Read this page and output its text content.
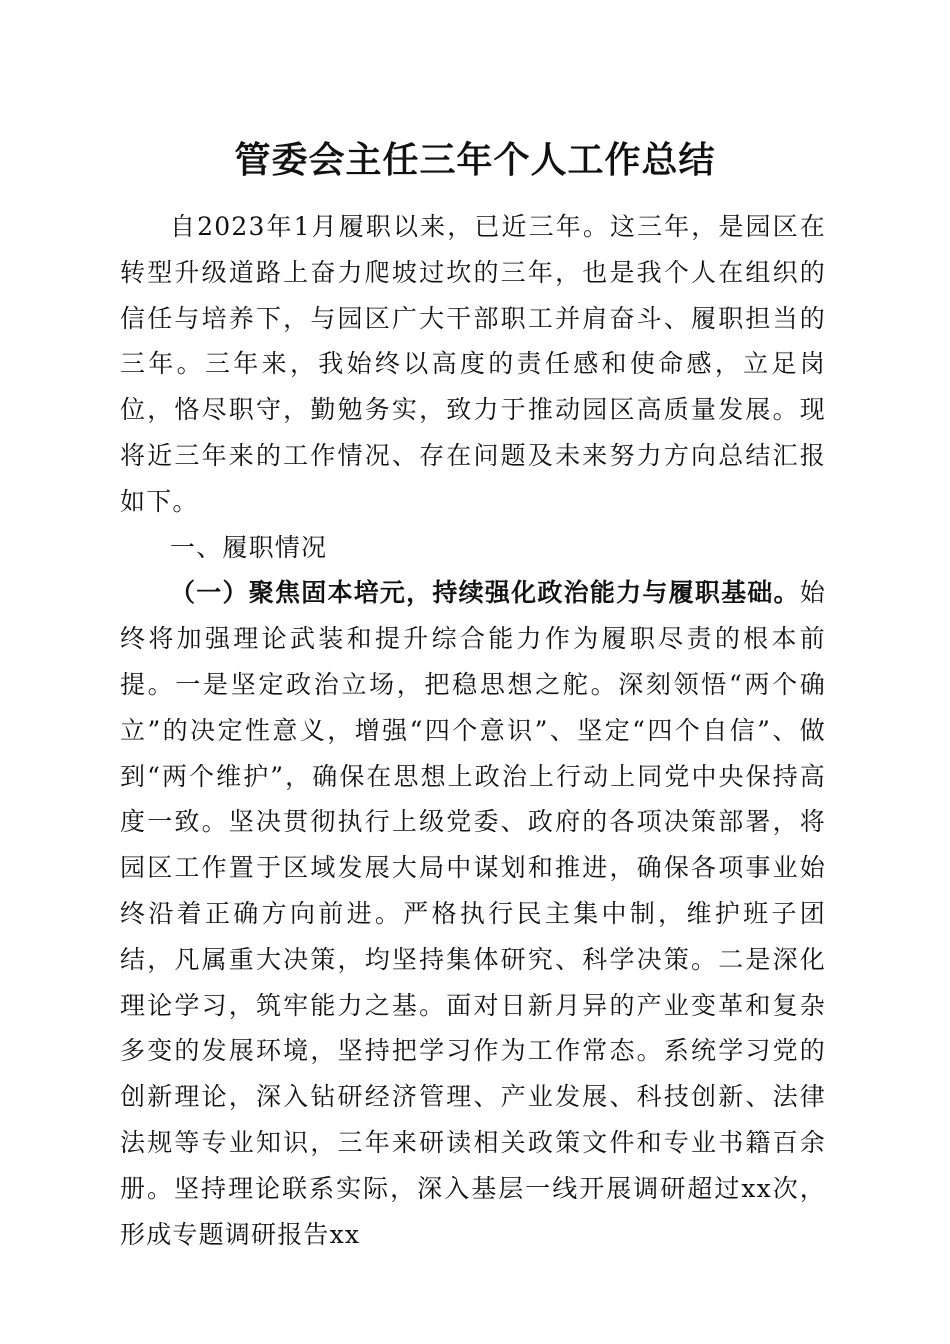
管委会主任三年个人工作总结

自2023年1月履职以来，已近三年。这三年，是园区在转型升级道路上奋力爬坡过坎的三年，也是我个人在组织的信任与培养下，与园区广大干部职工并肩奋斗、履职担当的三年。三年来，我始终以高度的责任感和使命感，立足岗位，恪尽职守，勤勉务实，致力于推动园区高质量发展。现将近三年来的工作情况、存在问题及未来努力方向总结汇报如下。

一、履职情况

（一）聚焦固本培元，持续强化政治能力与履职基础。始终将加强理论武装和提升综合能力作为履职尽责的根本前提。一是坚定政治立场，把稳思想之舵。深刻领悟“两个确立”的决定性意义，增强“四个意识”、坚定“四个自信”、做到“两个维护”，确保在思想上政治上行动上同党中央保持高度一致。坚决贯彻执行上级党委、政府的各项决策部署，将园区工作置于区域发展大局中谋划和推进，确保各项事业始终沿着正确方向前进。严格执行民主集中制，维护班子团结，凡属重大决策，均坚持集体研究、科学决策。二是深化理论学习，筑牢能力之基。面对日新月异的产业变革和复杂多变的发展环境，坚持把学习作为工作常态。系统学习党的创新理论，深入钻研经济管理、产业发展、科技创新、法律法规等专业知识，三年来研读相关政策文件和专业书籍百余册。坚持理论联系实际，深入基层一线开展调研超过xx次，形成专题调研报告xx
